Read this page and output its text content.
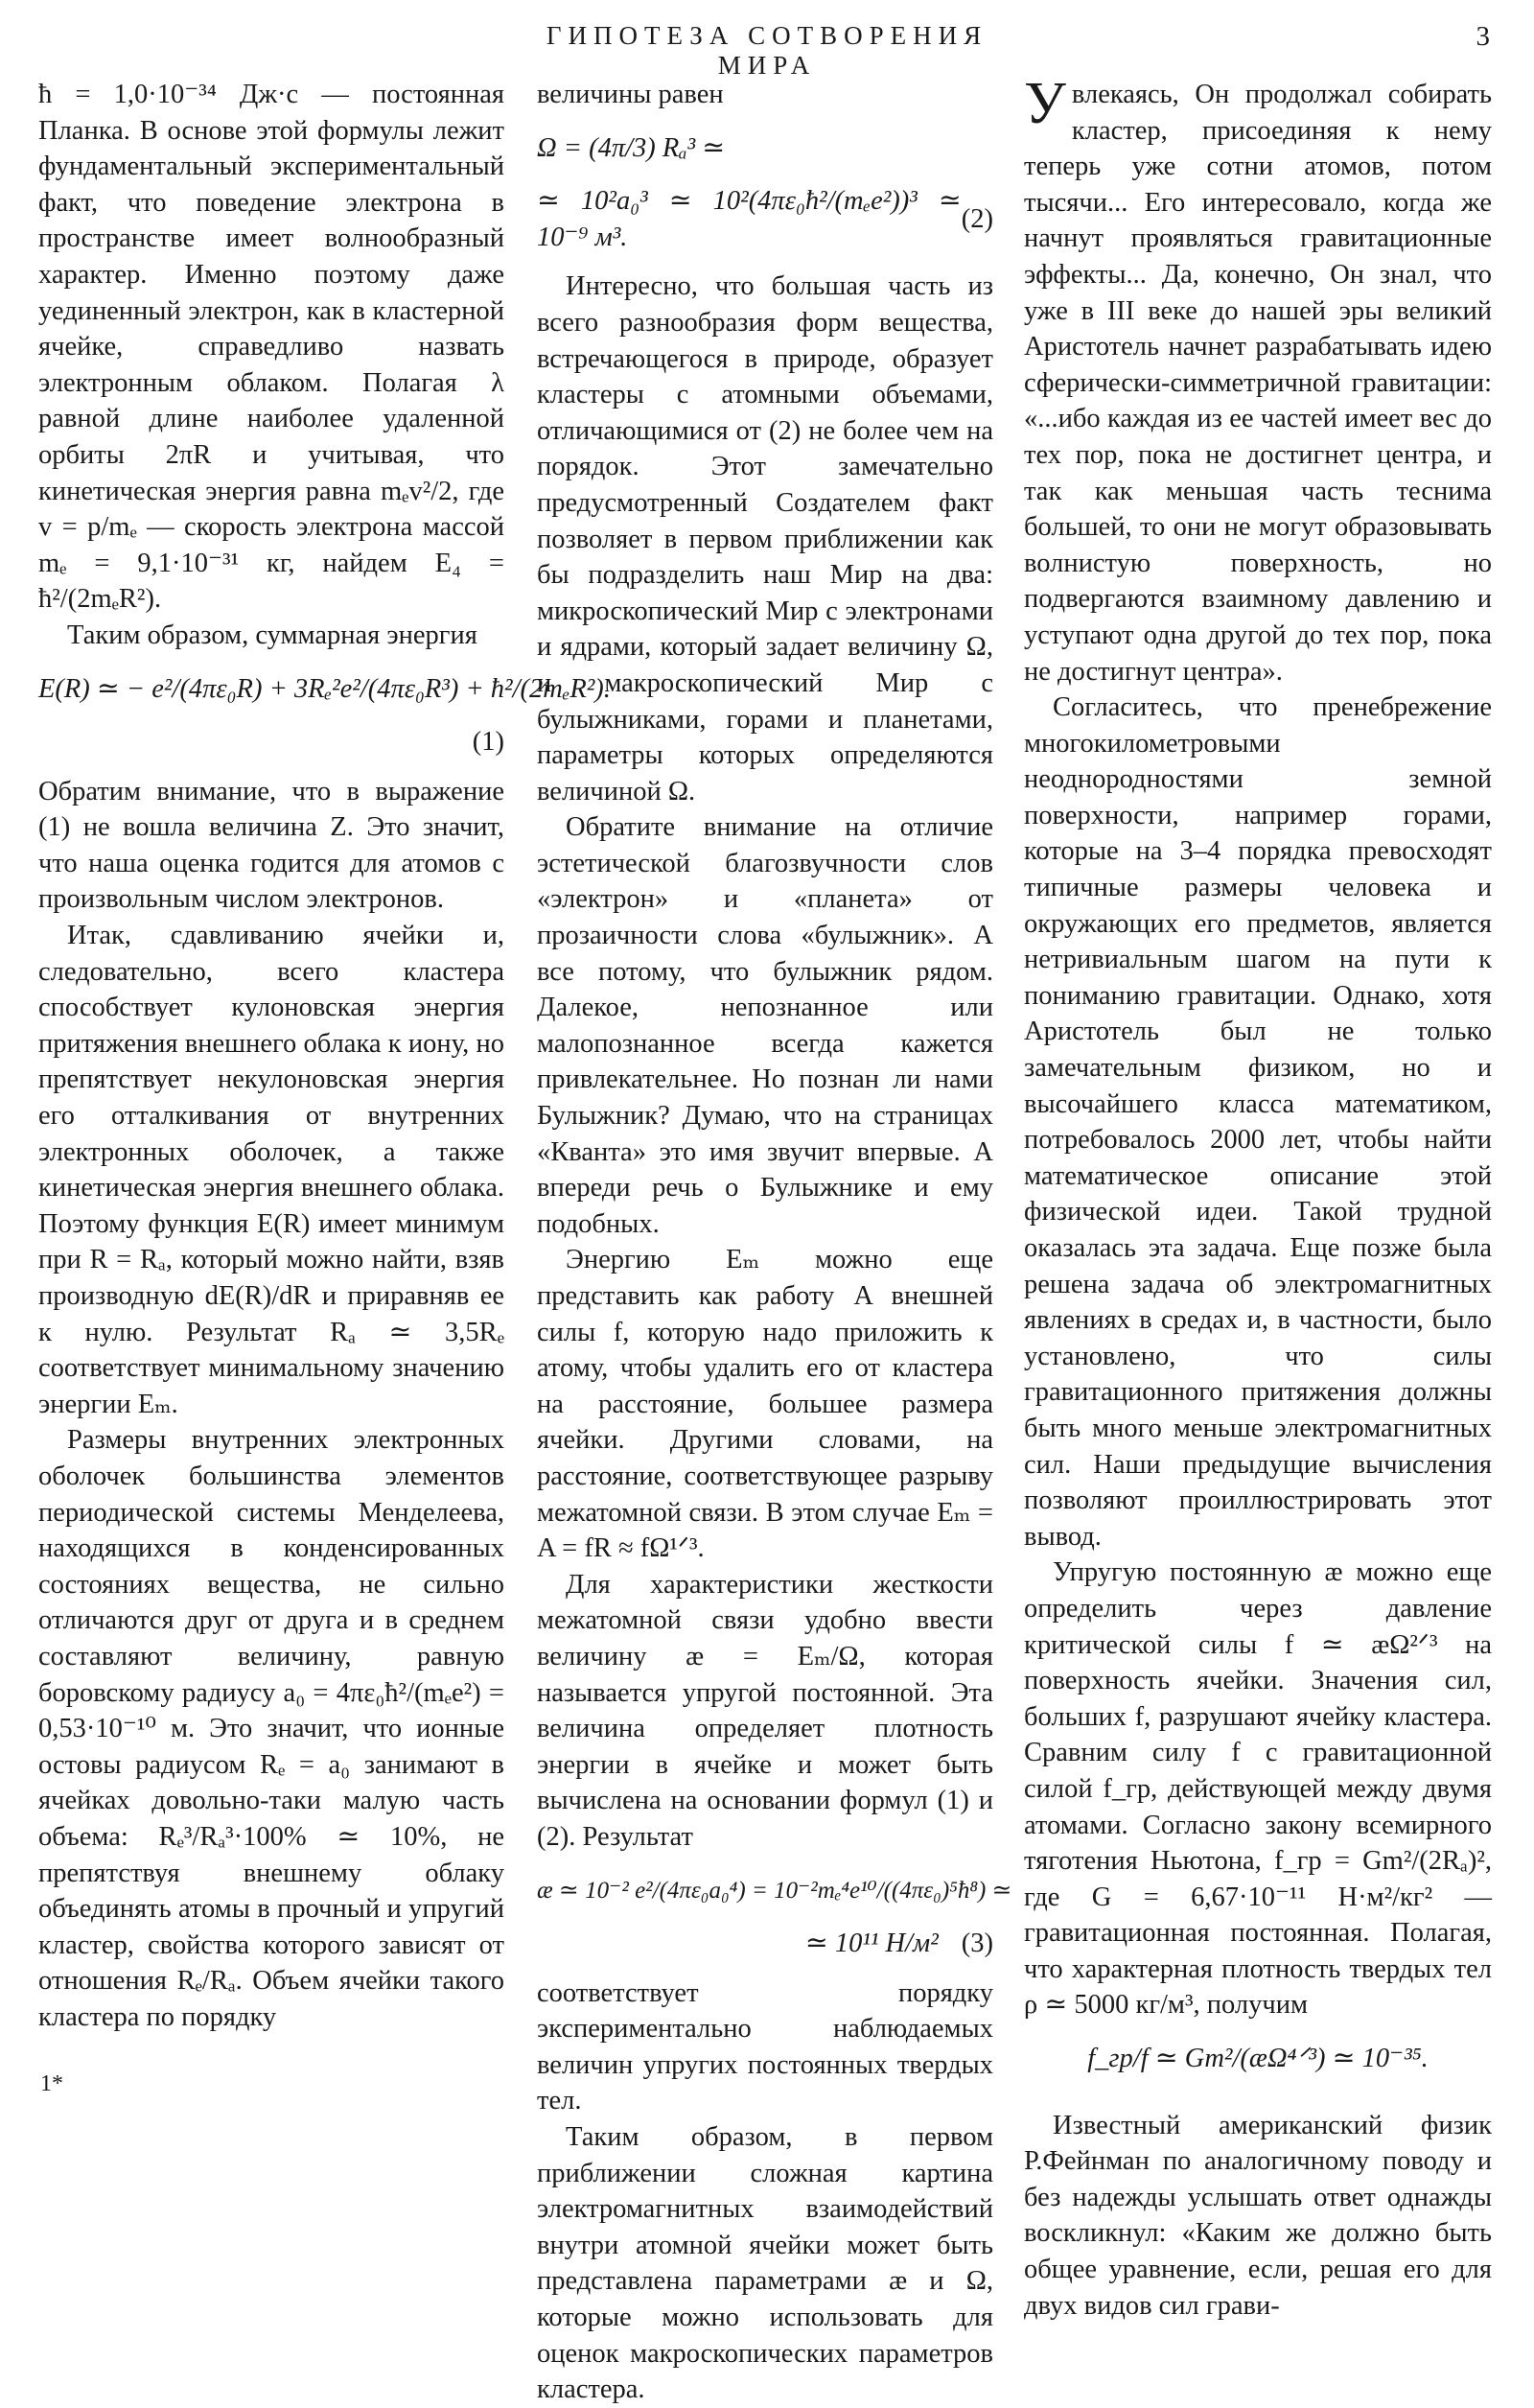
ГИПОТЕЗА СОТВОРЕНИЯ МИРА
3

ħ = 1,0·10⁻³⁴ Дж·с — постоянная Планка. В основе этой формулы лежит фундаментальный экспериментальный факт, что поведение электрона в пространстве имеет волнообразный характер. Именно поэтому даже уединенный электрон, как в кластерной ячейке, справедливо назвать электронным облаком. Полагая λ равной длине наиболее удаленной орбиты 2πR и учитывая, что кинетическая энергия равна mₑv²/2, где v = p/mₑ — скорость электрона массой mₑ = 9,1·10⁻³¹ кг, найдем E₄ = ħ²/(2mₑR²).

Таким образом, суммарная энергия

E(R) ≃ − e²/(4πε₀R) + 3Rₑ²e²/(4πε₀R³) + ħ²/(2mₑR²).
(1)

Обратим внимание, что в выражение (1) не вошла величина Z. Это значит, что наша оценка годится для атомов с произвольным числом электронов.

Итак, сдавливанию ячейки и, следовательно, всего кластера способствует кулоновская энергия притяжения внешнего облака к иону, но препятствует некулоновская энергия его отталкивания от внутренних электронных оболочек, а также кинетическая энергия внешнего облака. Поэтому функция E(R) имеет минимум при R = Rₐ, который можно найти, взяв производную dE(R)/dR и приравняв ее к нулю. Результат Rₐ ≃ 3,5Rₑ соответствует минимальному значению энергии Eₘ.

Размеры внутренних электронных оболочек большинства элементов периодической системы Менделеева, находящихся в конденсированных состояниях вещества, не сильно отличаются друг от друга и в среднем составляют величину, равную боровскому радиусу a₀ = 4πε₀ħ²/(mₑe²) = 0,53·10⁻¹⁰ м. Это значит, что ионные остовы радиусом Rₑ = a₀ занимают в ячейках довольно-таки малую часть объема: Rₑ³/Rₐ³·100% ≃ 10%, не препятствуя внешнему облаку объединять атомы в прочный и упругий кластер, свойства которого зависят от отношения Rₑ/Rₐ. Объем ячейки такого кластера по порядку

величины равен

Ω = (4π/3) Rₐ³ ≃
≃ 10²a₀³ ≃ 10²(4πε₀ħ²/(mₑe²))³ ≃ 10⁻⁹ м³.
(2)

Интересно, что большая часть из всего разнообразия форм вещества, встречающегося в природе, образует кластеры с атомными объемами, отличающимися от (2) не более чем на порядок. Этот замечательно предусмотренный Создателем факт позволяет в первом приближении как бы подразделить наш Мир на два: микроскопический Мир с электронами и ядрами, который задает величину Ω, и макроскопический Мир с булыжниками, горами и планетами, параметры которых определяются величиной Ω.

Обратите внимание на отличие эстетической благозвучности слов «электрон» и «планета» от прозаичности слова «булыжник». А все потому, что булыжник рядом. Далекое, непознанное или малопознанное всегда кажется привлекательнее. Но познан ли нами Булыжник? Думаю, что на страницах «Кванта» это имя звучит впервые. А впереди речь о Булыжнике и ему подобных.

Энергию Eₘ можно еще представить как работу A внешней силы f, которую надо приложить к атому, чтобы удалить его от кластера на расстояние, большее размера ячейки. Другими словами, на расстояние, соответствующее разрыву межатомной связи. В этом случае Eₘ = A = fR ≈ fΩ¹ᐟ³.

Для характеристики жесткости межатомной связи удобно ввести величину æ = Eₘ/Ω, которая называется упругой постоянной. Эта величина определяет плотность энергии в ячейке и может быть вычислена на основании формул (1) и (2). Результат

æ ≃ 10⁻² e²/(4πε₀a₀⁴) = 10⁻²mₑ⁴e¹⁰/((4πε₀)⁵ħ⁸) ≃
≃ 10¹¹ Н/м² (3)

соответствует порядку экспериментально наблюдаемых величин упругих постоянных твердых тел.

Таким образом, в первом приближении сложная картина электромагнитных взаимодействий внутри атомной ячейки может быть представлена параметрами æ и Ω, которые можно использовать для оценок макроскопических параметров кластера.

Увлекаясь, Он продолжал собирать кластер, присоединяя к нему теперь уже сотни атомов, потом тысячи... Его интересовало, когда же начнут проявляться гравитационные эффекты... Да, конечно, Он знал, что уже в III веке до нашей эры великий Аристотель начнет разрабатывать идею сферически-симметричной гравитации: «...ибо каждая из ее частей имеет вес до тех пор, пока не достигнет центра, и так как меньшая часть теснима большей, то они не могут образовывать волнистую поверхность, но подвергаются взаимному давлению и уступают одна другой до тех пор, пока не достигнут центра».

Согласитесь, что пренебрежение многокилометровыми неоднородностями земной поверхности, например горами, которые на 3–4 порядка превосходят типичные размеры человека и окружающих его предметов, является нетривиальным шагом на пути к пониманию гравитации. Однако, хотя Аристотель был не только замечательным физиком, но и высочайшего класса математиком, потребовалось 2000 лет, чтобы найти математическое описание этой физической идеи. Такой трудной оказалась эта задача. Еще позже была решена задача об электромагнитных явлениях в средах и, в частности, было установлено, что силы гравитационного притяжения должны быть много меньше электромагнитных сил. Наши предыдущие вычисления позволяют проиллюстрировать этот вывод.

Упругую постоянную æ можно еще определить через давление критической силы f ≃ æΩ²ᐟ³ на поверхность ячейки. Значения сил, больших f, разрушают ячейку кластера. Сравним силу f с гравитационной силой f_гр, действующей между двумя атомами. Согласно закону всемирного тяготения Ньютона, f_гр = Gm²/(2Rₐ)², где G = 6,67·10⁻¹¹ Н·м²/кг² — гравитационная постоянная. Полагая, что характерная плотность твердых тел ρ ≃ 5000 кг/м³, получим

f_гр/f ≃ Gm²/(æΩ⁴ᐟ³) ≃ 10⁻³⁵.

Известный американский физик Р.Фейнман по аналогичному поводу и без надежды услышать ответ однажды воскликнул: «Каким же должно быть общее уравнение, если, решая его для двух видов сил грави-

1*
